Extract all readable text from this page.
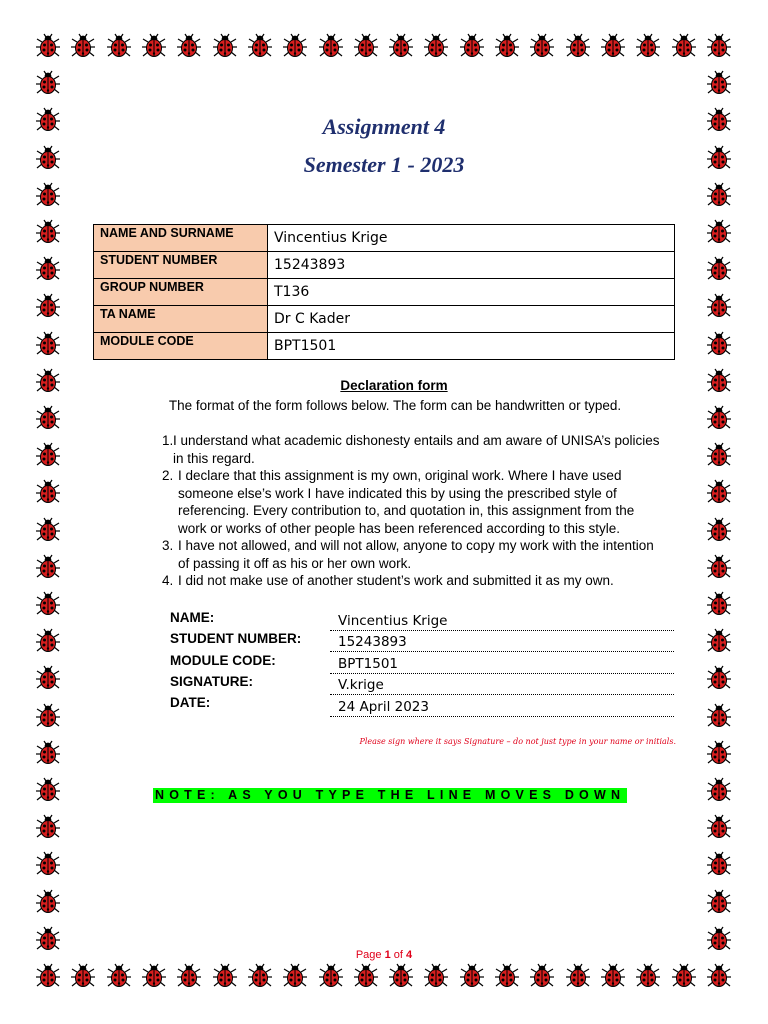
Assignment 4
Semester 1 - 2023
NAME AND SURNAME	Vincentius Krige
STUDENT NUMBER	15243893
GROUP NUMBER	T136
TA NAME	Dr C Kader
MODULE CODE	BPT1501
Declaration form
The format of the form follows below. The form can be handwritten or typed.
1. I understand what academic dishonesty entails and am aware of UNISA’s policies in this regard.
2. I declare that this assignment is my own, original work. Where I have used someone else’s work I have indicated this by using the prescribed style of referencing. Every contribution to, and quotation in, this assignment from the work or works of other people has been referenced according to this style.
3. I have not allowed, and will not allow, anyone to copy my work with the intention of passing it off as his or her own work.
4. I did not make use of another student’s work and submitted it as my own.
NAME:	Vincentius Krige
STUDENT NUMBER:	15243893
MODULE CODE:	BPT1501
SIGNATURE:	V.krige
DATE:	24 April 2023
Please sign where it says Signature – do not just type in your name or initials.
NOTE: AS YOU TYPE THE LINE MOVES DOWN
Page 1 of 4
